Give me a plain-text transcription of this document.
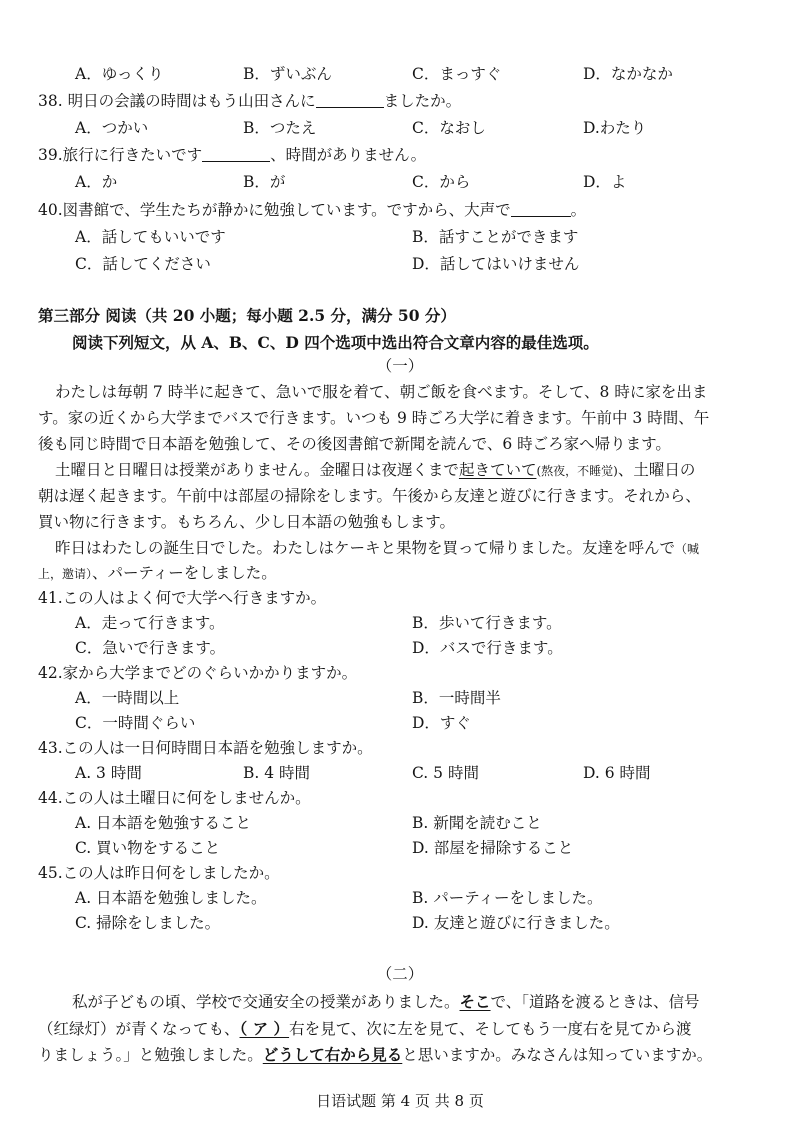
A．ゆっくり	B．ずいぶん	C．まっすぐ	D．なかなか
38. 明日の会議の時間はもう山田さんに	ましたか。
A．つかい	B．つたえ	C．なおし	D.わたり
39.旅行に行きたいです	、時間がありません。
A．か	B．が	C．から	D．よ
40.図書館で、学生たちが静かに勉強しています。ですから、大声で	。
A．話してもいいです	B．話すことができます
C．話してください	D．話してはいけません
第三部分 阅读（共 20 小题；每小题 2.5 分，满分 50 分）
阅读下列短文，从 A、B、C、D 四个选项中选出符合文章内容的最佳选项。
（一）
わたしは毎朝 7 時半に起きて、急いで服を着て、朝ご飯を食べます。そして、8 時に家を出ま
す。家の近くから大学までバスで行きます。いつも 9 時ごろ大学に着きます。午前中 3 時間、午
後も同じ時間で日本語を勉強して、その後図書館で新聞を読んで、6 時ごろ家へ帰ります。
土曜日と日曜日は授業がありません。金曜日は夜遅くまで起きていて(熬夜，不睡觉)、土曜日の
朝は遅く起きます。午前中は部屋の掃除をします。午後から友達と遊びに行きます。それから、
買い物に行きます。もちろん、少し日本語の勉強もします。
昨日はわたしの誕生日でした。わたしはケーキと果物を買って帰りました。友達を呼んで（喊
上，邀请）、パーティーをしました。
41.この人はよく何で大学へ行きますか。
A．走って行きます。	B．歩いて行きます。
C．急いで行きます。	D．バスで行きます。
42.家から大学までどのぐらいかかりますか。
A．一時間以上	B．一時間半
C．一時間ぐらい	D．すぐ
43.この人は一日何時間日本語を勉強しますか。
A. 3 時間	B. 4 時間	C. 5 時間	D. 6 時間
44.この人は土曜日に何をしませんか。
A. 日本語を勉強すること	B. 新聞を読むこと
C. 買い物をすること	D. 部屋を掃除すること
45.この人は昨日何をしましたか。
A. 日本語を勉強しました。	B. パーティーをしました。
C. 掃除をしました。	D. 友達と遊びに行きました。
（二）
私が子どもの頃、学校で交通安全の授業がありました。そこで、「道路を渡るときは、信号
（红绿灯）が青くなっても、（ ア ）右を見て、次に左を見て、そしてもう一度右を見てから渡
りましょう。」と勉強しました。どうして右から見ると思いますか。みなさんは知っていますか。
日语试题 第 4 页 共 8 页
